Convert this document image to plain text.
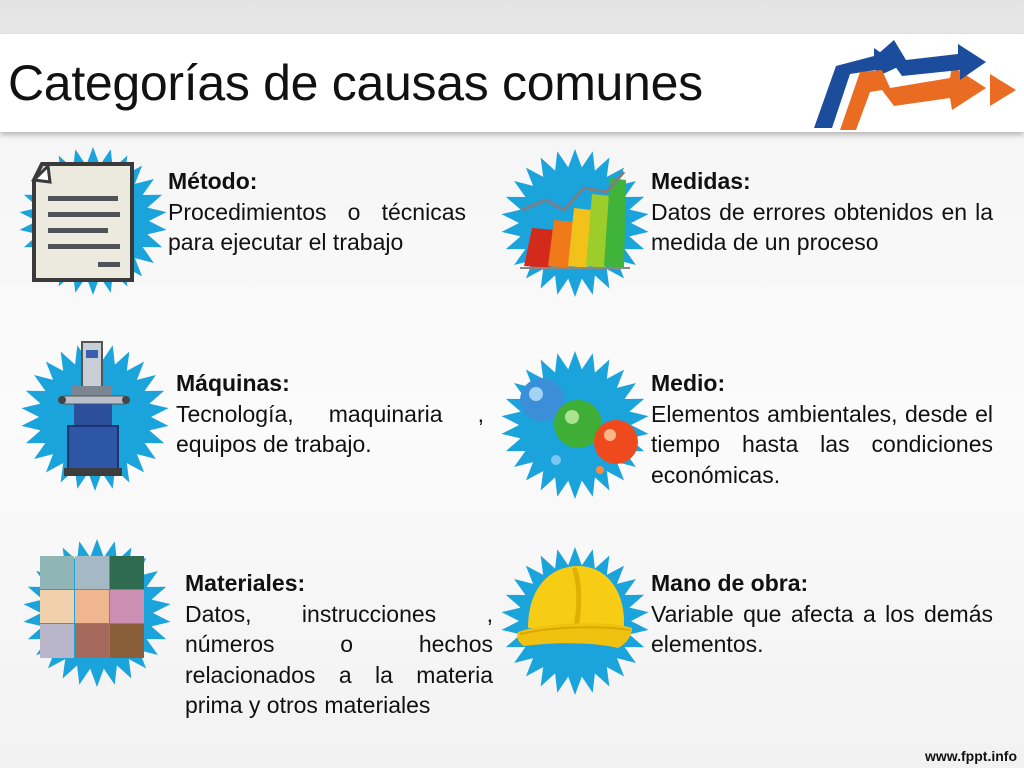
Categorías de causas comunes
Método:

Procedimientos o técnicas para ejecutar el trabajo

Medidas:

Datos de errores obtenidos en la medida de un proceso

Máquinas:

Tecnología, maquinaria , equipos de trabajo.

Medio:

Elementos ambientales, desde el tiempo hasta las condiciones económicas.

Materiales:

Datos, instrucciones , números o hechos relacionados a la materia prima y otros materiales

Mano de obra:

Variable que afecta a los demás elementos.

www.fppt.info
